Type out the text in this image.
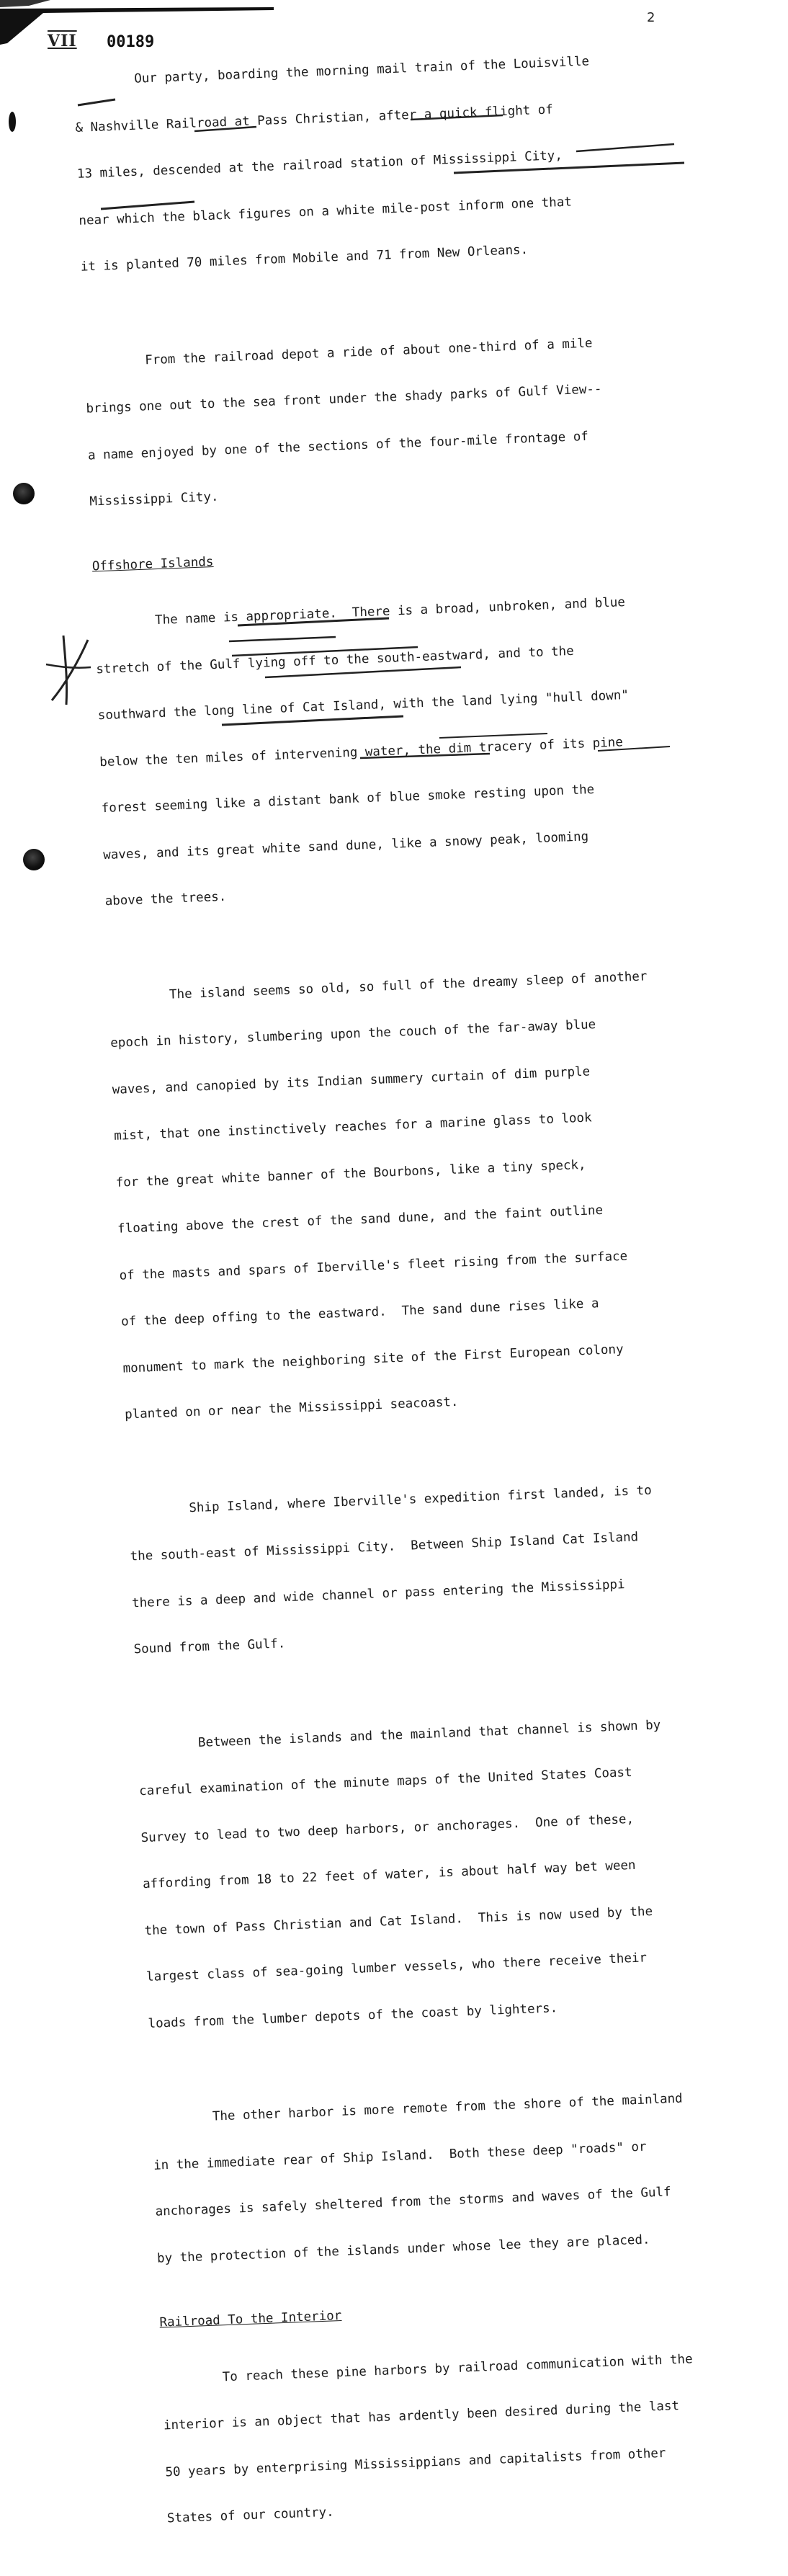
2
VII 00189

Our party, boarding the morning mail train of the Louisville

& Nashville Railroad at Pass Christian, after a quick flight of

13 miles, descended at the railroad station of Mississippi City,

near which the black figures on a white mile-post inform one that

it is planted 70 miles from Mobile and 71 from New Orleans.

From the railroad depot a ride of about one-third of a mile

brings one out to the sea front under the shady parks of Gulf View--

a name enjoyed by one of the sections of the four-mile frontage of

Mississippi City.

Offshore Islands

The name is appropriate.  There is a broad, unbroken, and blue

stretch of the Gulf lying off to the south-eastward, and to the

southward the long line of Cat Island, with the land lying "hull down"

below the ten miles of intervening water, the dim tracery of its pine

forest seeming like a distant bank of blue smoke resting upon the

waves, and its great white sand dune, like a snowy peak, looming

above the trees.

The island seems so old, so full of the dreamy sleep of another

epoch in history, slumbering upon the couch of the far-away blue

waves, and canopied by its Indian summery curtain of dim purple

mist, that one instinctively reaches for a marine glass to look

for the great white banner of the Bourbons, like a tiny speck,

floating above the crest of the sand dune, and the faint outline

of the masts and spars of Iberville's fleet rising from the surface

of the deep offing to the eastward.  The sand dune rises like a

monument to mark the neighboring site of the First European colony

planted on or near the Mississippi seacoast.

Ship Island, where Iberville's expedition first landed, is to

the south-east of Mississippi City.  Between Ship Island Cat Island

there is a deep and wide channel or pass entering the Mississippi

Sound from the Gulf.

Between the islands and the mainland that channel is shown by

careful examination of the minute maps of the United States Coast

Survey to lead to two deep harbors, or anchorages.  One of these,

affording from 18 to 22 feet of water, is about half way bet ween

the town of Pass Christian and Cat Island.  This is now used by the

largest class of sea-going lumber vessels, who there receive their

loads from the lumber depots of the coast by lighters.

The other harbor is more remote from the shore of the mainland

in the immediate rear of Ship Island.  Both these deep "roads" or

anchorages is safely sheltered from the storms and waves of the Gulf

by the protection of the islands under whose lee they are placed.

Railroad To the Interior

To reach these pine harbors by railroad communication with the

interior is an object that has ardently been desired during the last

50 years by enterprising Mississippians and capitalists from other

States of our country.
